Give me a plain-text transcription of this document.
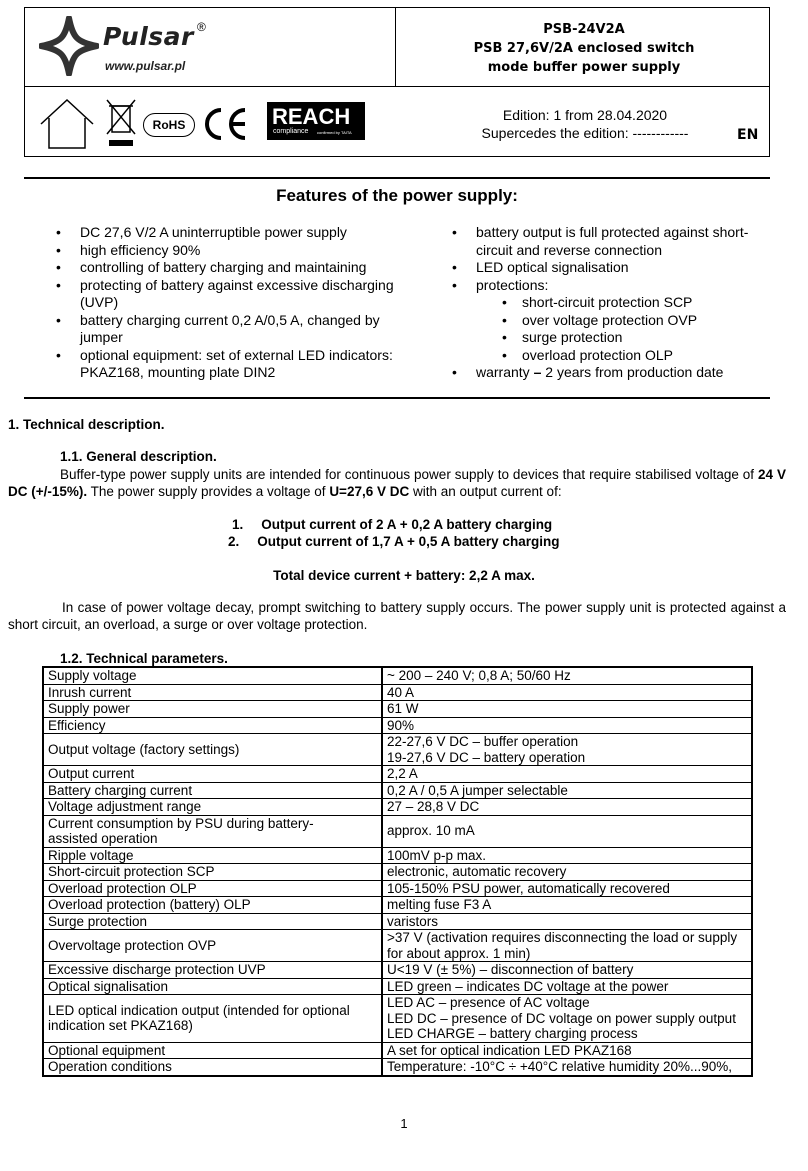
Pulsar ®
www.pulsar.pl
PSB-24V2A
PSB 27,6V/2A enclosed switch
mode buffer power supply
RoHS	REACH
compliance confirmed by TAITA
Edition: 1 from 28.04.2020
Supercedes the edition: ------------	EN
Features of the power supply:
• DC 27,6 V/2 A uninterruptible power supply
• high efficiency 90%
• controlling of battery charging and maintaining
• protecting of battery against excessive discharging (UVP)
• battery charging current 0,2 A/0,5 A, changed by jumper
• optional equipment: set of external LED indicators: PKAZ168, mounting plate DIN2
• battery output is full protected against short-circuit and reverse connection
• LED optical signalisation
• protections:
• short-circuit protection SCP
• over voltage protection OVP
• surge protection
• overload protection OLP
• warranty – 2 years from production date
1. Technical description.
1.1. General description.
Buffer-type power supply units are intended for continuous power supply to devices that require stabilised voltage of 24 V DC (+/-15%). The power supply provides a voltage of U=27,6 V DC with an output current of:
1. Output current of 2 A + 0,2 A battery charging
2. Output current of 1,7 A + 0,5 A battery charging
Total device current + battery: 2,2 A max.
In case of power voltage decay, prompt switching to battery supply occurs. The power supply unit is protected against a short circuit, an overload, a surge or over voltage protection.
1.2. Technical parameters.
Supply voltage	~ 200 – 240 V; 0,8 A; 50/60 Hz
Inrush current	40 A
Supply power	61 W
Efficiency	90%
Output voltage (factory settings)	22-27,6 V DC – buffer operation
19-27,6 V DC – battery operation
Output current	2,2 A
Battery charging current	0,2 A / 0,5 A jumper selectable
Voltage adjustment range	27 – 28,8 V DC
Current consumption by PSU during battery-
assisted operation	approx. 10 mA
Ripple voltage	100mV p-p max.
Short-circuit protection SCP	electronic, automatic recovery
Overload protection OLP	105-150% PSU power, automatically recovered
Overload protection (battery) OLP	melting fuse F3 A
Surge protection	varistors
Overvoltage protection OVP	>37 V (activation requires disconnecting the load or supply
for about approx. 1 min)
Excessive discharge protection UVP	U<19 V (± 5%) – disconnection of battery
Optical signalisation	LED green – indicates DC voltage at the power
LED optical indication output (intended for optional
indication set PKAZ168)	LED AC – presence of AC voltage
LED DC – presence of DC voltage on power supply output
LED CHARGE – battery charging process
Optional equipment	A set for optical indication LED PKAZ168
Operation conditions	Temperature: -10°C ÷ +40°C relative humidity 20%...90%,
1
